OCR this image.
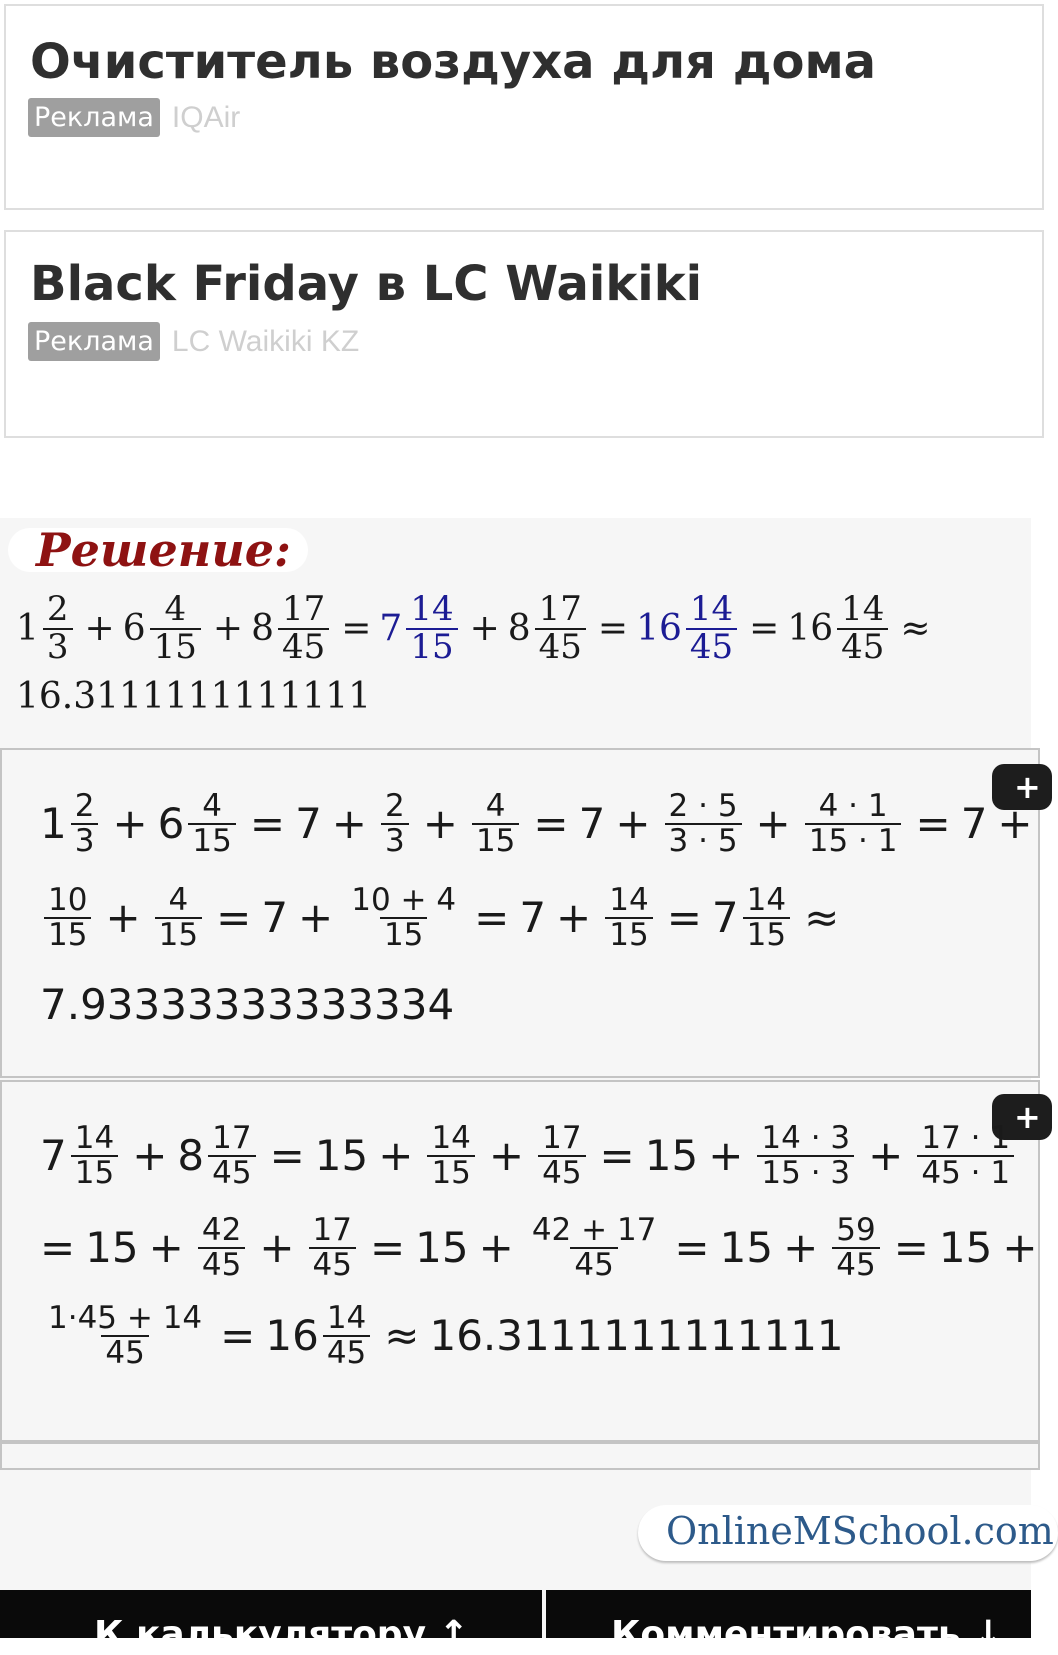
Очиститель воздуха для дома
Реклама IQAir
Black Friday в LC Waikiki
Реклама LC Waikiki KZ
Решение:
1 2
3 + 6 4
$15 + 8 \frac{17}{45} = 7$ 14
$15 + 8 \frac{17}{45} = 16 \frac{14}{45} = 16 \frac{14}{45}$ ≈
16.3111111111111
+
1 2
$3 + 6 \frac{4}{15} = 7 + \frac{2}{3} + \frac{4}{15} = 7 + \frac{2 \cdot 5}{3 \cdot 5} + \frac{4 \cdot 1}{15 \cdot 1} = 7$ +
10
$15 + \frac{4}{15} = 7 + \frac{10 + 4}{15} = 7 + \frac{14}{15} = 7 \frac{14}{15}$ ≈
7.93333333333334
+
7 14
$15 + 8 \frac{17}{45} = 15 + \frac{14}{15} + \frac{17}{45} = 15 + \frac{14 \cdot 3}{15 \cdot 3} + \frac{17 \cdot 1}{45 \cdot 1}$
= $15 + \frac{42}{45} + \frac{17}{45} = 15 + \frac{42 + 17}{45} = 15 + \frac{59}{45} = 15$ +
$\frac{1\cdot 45 + 14}{45} = 16 \frac{14}{45} \approx 16.3111111111111$
OnlineMSchool.com
К калькулятору ↑	Комментировать ↓
